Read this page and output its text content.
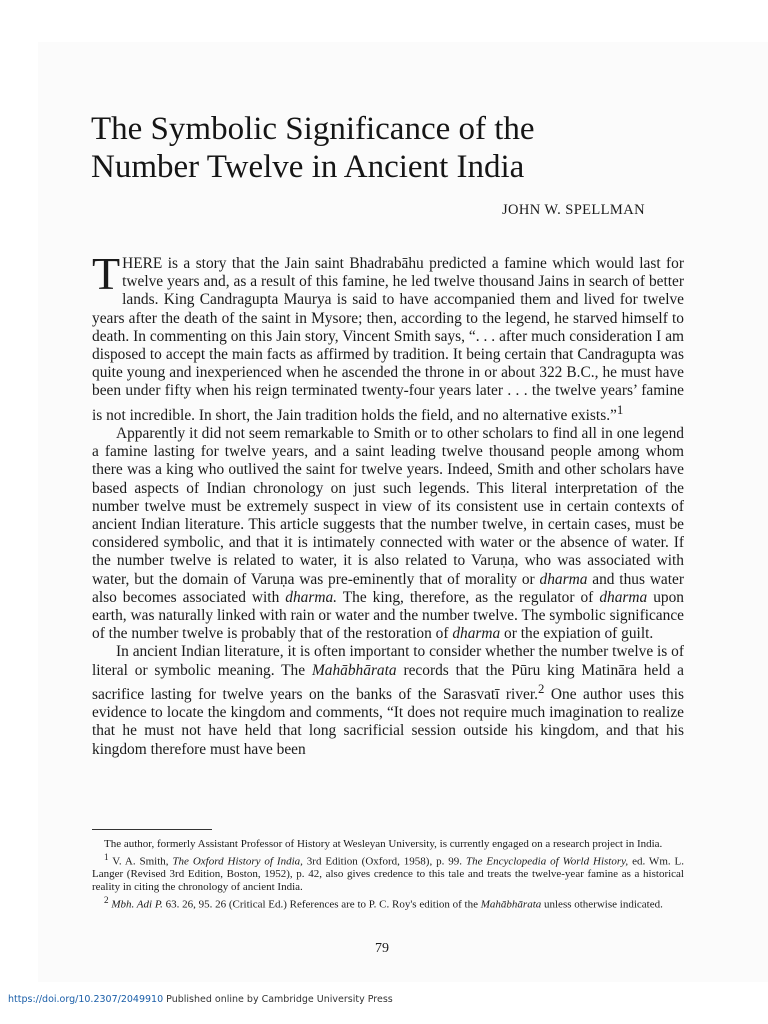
The Symbolic Significance of the
Number Twelve in Ancient India

JOHN W. SPELLMAN

THERE is a story that the Jain saint Bhadrabāhu predicted a famine which would last for twelve years and, as a result of this famine, he led twelve thousand Jains in search of better lands. King Candragupta Maurya is said to have accompanied them and lived for twelve years after the death of the saint in Mysore; then, according to the legend, he starved himself to death. In commenting on this Jain story, Vincent Smith says, “. . . after much consideration I am disposed to accept the main facts as affirmed by tradition. It being certain that Candragupta was quite young and inexperienced when he ascended the throne in or about 322 B.C., he must have been under fifty when his reign terminated twenty-four years later . . . the twelve years’ famine is not incredible. In short, the Jain tradition holds the field, and no alternative exists.”$^1$

Apparently it did not seem remarkable to Smith or to other scholars to find all in one legend a famine lasting for twelve years, and a saint leading twelve thousand people among whom there was a king who outlived the saint for twelve years. Indeed, Smith and other scholars have based aspects of Indian chronology on just such legends. This literal interpretation of the number twelve must be extremely suspect in view of its consistent use in certain contexts of ancient Indian literature. This article suggests that the number twelve, in certain cases, must be considered symbolic, and that it is intimately connected with water or the absence of water. If the number twelve is related to water, it is also related to Varuṇa, who was associated with water, but the domain of Varuṇa was pre-eminently that of morality or dharma and thus water also becomes associated with dharma. The king, therefore, as the regulator of dharma upon earth, was naturally linked with rain or water and the number twelve. The symbolic significance of the number twelve is probably that of the restoration of dharma or the expiation of guilt.

In ancient Indian literature, it is often important to consider whether the number twelve is of literal or symbolic meaning. The Mahābhārata records that the Pūru king Matināra held a sacrifice lasting for twelve years on the banks of the Sarasvatī river.$^2$ One author uses this evidence to locate the kingdom and comments, “It does not require much imagination to realize that he must not have held that long sacrificial session outside his kingdom, and that his kingdom therefore must have been

The author, formerly Assistant Professor of History at Wesleyan University, is currently engaged on a research project in India.

$^1$ V. A. Smith, The Oxford History of India, 3rd Edition (Oxford, 1958), p. 99. The Encyclopedia of World History, ed. Wm. L. Langer (Revised 3rd Edition, Boston, 1952), p. 42, also gives credence to this tale and treats the twelve-year famine as a historical reality in citing the chronology of ancient India.

$^2$ Mbh. Adi P. 63. 26, 95. 26 (Critical Ed.) References are to P. C. Roy's edition of the Mahābhārata unless otherwise indicated.

79
https://doi.org/10.2307/2049910 Published online by Cambridge University Press
